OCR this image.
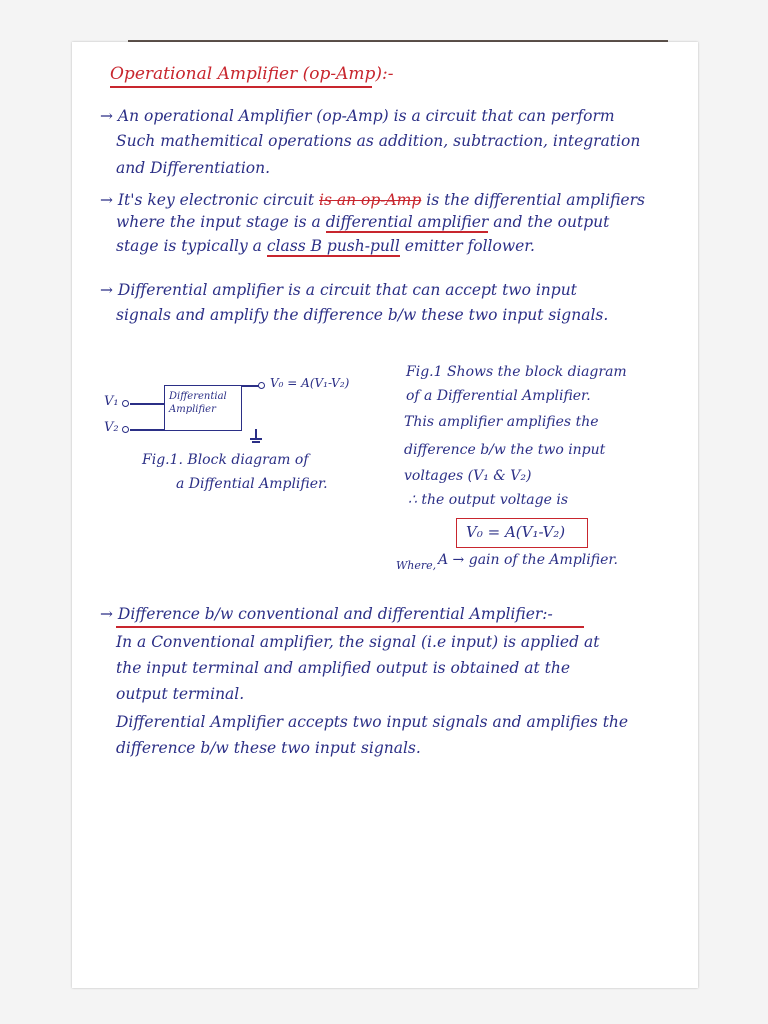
Operational Amplifier (op-Amp):-
→ An operational Amplifier (op-Amp) is a circuit that can perform
Such mathemitical operations as addition, subtraction, integration
and Differentiation.
→ It's key electronic circuit is an op-Amp is the differential amplifiers
where the input stage is a differential amplifier and the output
stage is typically a class B push-pull emitter follower.
→ Differential amplifier is a circuit that can accept two input
signals and amplify the difference b/w these two input signals.
V₁
V₂
Differential
Amplifier
V₀ = A(V₁-V₂)
Fig.1. Block diagram of
a Diffential Amplifier.
Fig.1 Shows the block diagram
of a Differential Amplifier.
This amplifier amplifies the
difference b/w the two input
voltages (V₁ & V₂)
∴ the output voltage is
V₀ = A(V₁-V₂)
Where, A → gain of the Amplifier.
→ Difference b/w conventional and differential Amplifier:-
In a Conventional amplifier, the signal (i.e input) is applied at
the input terminal and amplified output is obtained at the
output terminal.
Differential Amplifier accepts two input signals and amplifies the
difference b/w these two input signals.
